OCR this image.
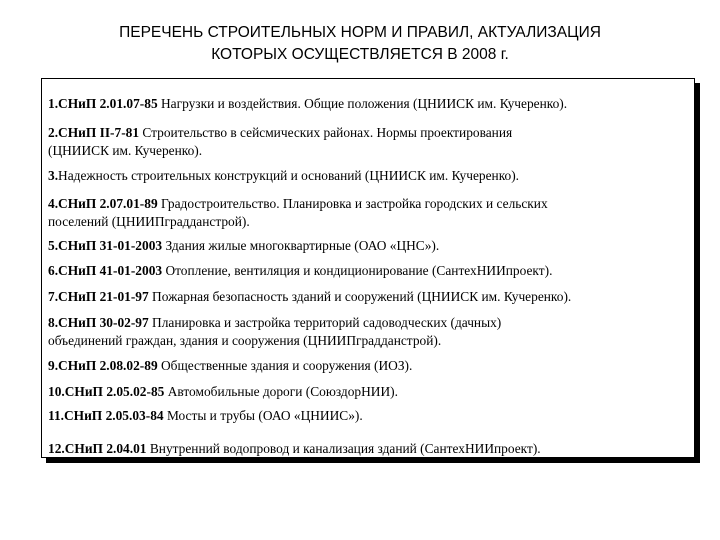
ПЕРЕЧЕНЬ СТРОИТЕЛЬНЫХ НОРМ И ПРАВИЛ, АКТУАЛИЗАЦИЯ
КОТОРЫХ ОСУЩЕСТВЛЯЕТСЯ В 2008 г.
1.СНиП 2.01.07-85 Нагрузки и воздействия. Общие положения (ЦНИИСК им. Кучеренко).
2.СНиП II-7-81 Строительство в сейсмических районах. Нормы проектирования
(ЦНИИСК им. Кучеренко).
3.Надежность строительных конструкций и оснований (ЦНИИСК им. Кучеренко).
4.СНиП 2.07.01-89 Градостроительство. Планировка и застройка городских и сельских
поселений (ЦНИИПградданстрой).
5.СНиП 31-01-2003 Здания жилые многоквартирные (ОАО «ЦНС»).
6.СНиП 41-01-2003 Отопление, вентиляция и кондиционирование (СантехНИИпроект).
7.СНиП 21-01-97 Пожарная безопасность зданий и сооружений (ЦНИИСК им. Кучеренко).
8.СНиП 30-02-97 Планировка и застройка территорий садоводческих (дачных)
объединений граждан, здания и сооружения (ЦНИИПградданстрой).
9.СНиП 2.08.02-89 Общественные здания и сооружения (ИОЗ).
10.СНиП 2.05.02-85 Автомобильные дороги (СоюздорНИИ).
11.СНиП 2.05.03-84 Мосты и трубы (ОАО «ЦНИИС»).
12.СНиП 2.04.01 Внутренний водопровод и канализация зданий (СантехНИИпроект).
